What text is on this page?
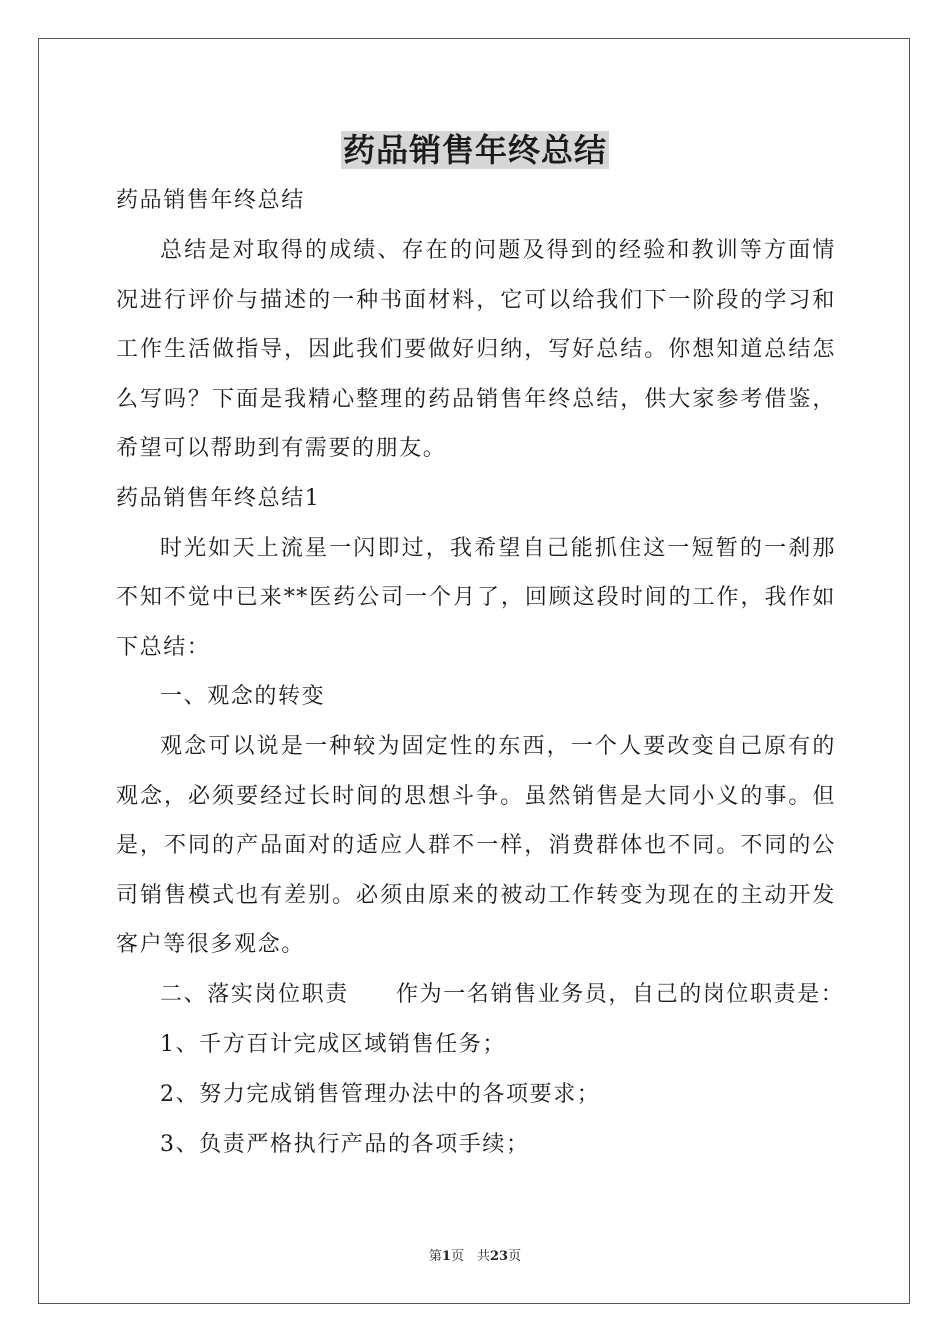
药品销售年终总结

药品销售年终总结

总结是对取得的成绩、存在的问题及得到的经验和教训等方面情况进行评价与描述的一种书面材料，它可以给我们下一阶段的学习和工作生活做指导，因此我们要做好归纳，写好总结。你想知道总结怎么写吗？下面是我精心整理的药品销售年终总结，供大家参考借鉴，希望可以帮助到有需要的朋友。

药品销售年终总结1

时光如天上流星一闪即过，我希望自己能抓住这一短暂的一刹那不知不觉中已来**医药公司一个月了，回顾这段时间的工作，我作如下总结：

一、观念的转变

观念可以说是一种较为固定性的东西，一个人要改变自己原有的观念，必须要经过长时间的思想斗争。虽然销售是大同小义的事。但是，不同的产品面对的适应人群不一样，消费群体也不同。不同的公司销售模式也有差别。必须由原来的被动工作转变为现在的主动开发客户等很多观念。

二、落实岗位职责　　作为一名销售业务员，自己的岗位职责是：

1、千方百计完成区域销售任务；

2、努力完成销售管理办法中的各项要求；

3、负责严格执行产品的各项手续；

第1页　共23页
